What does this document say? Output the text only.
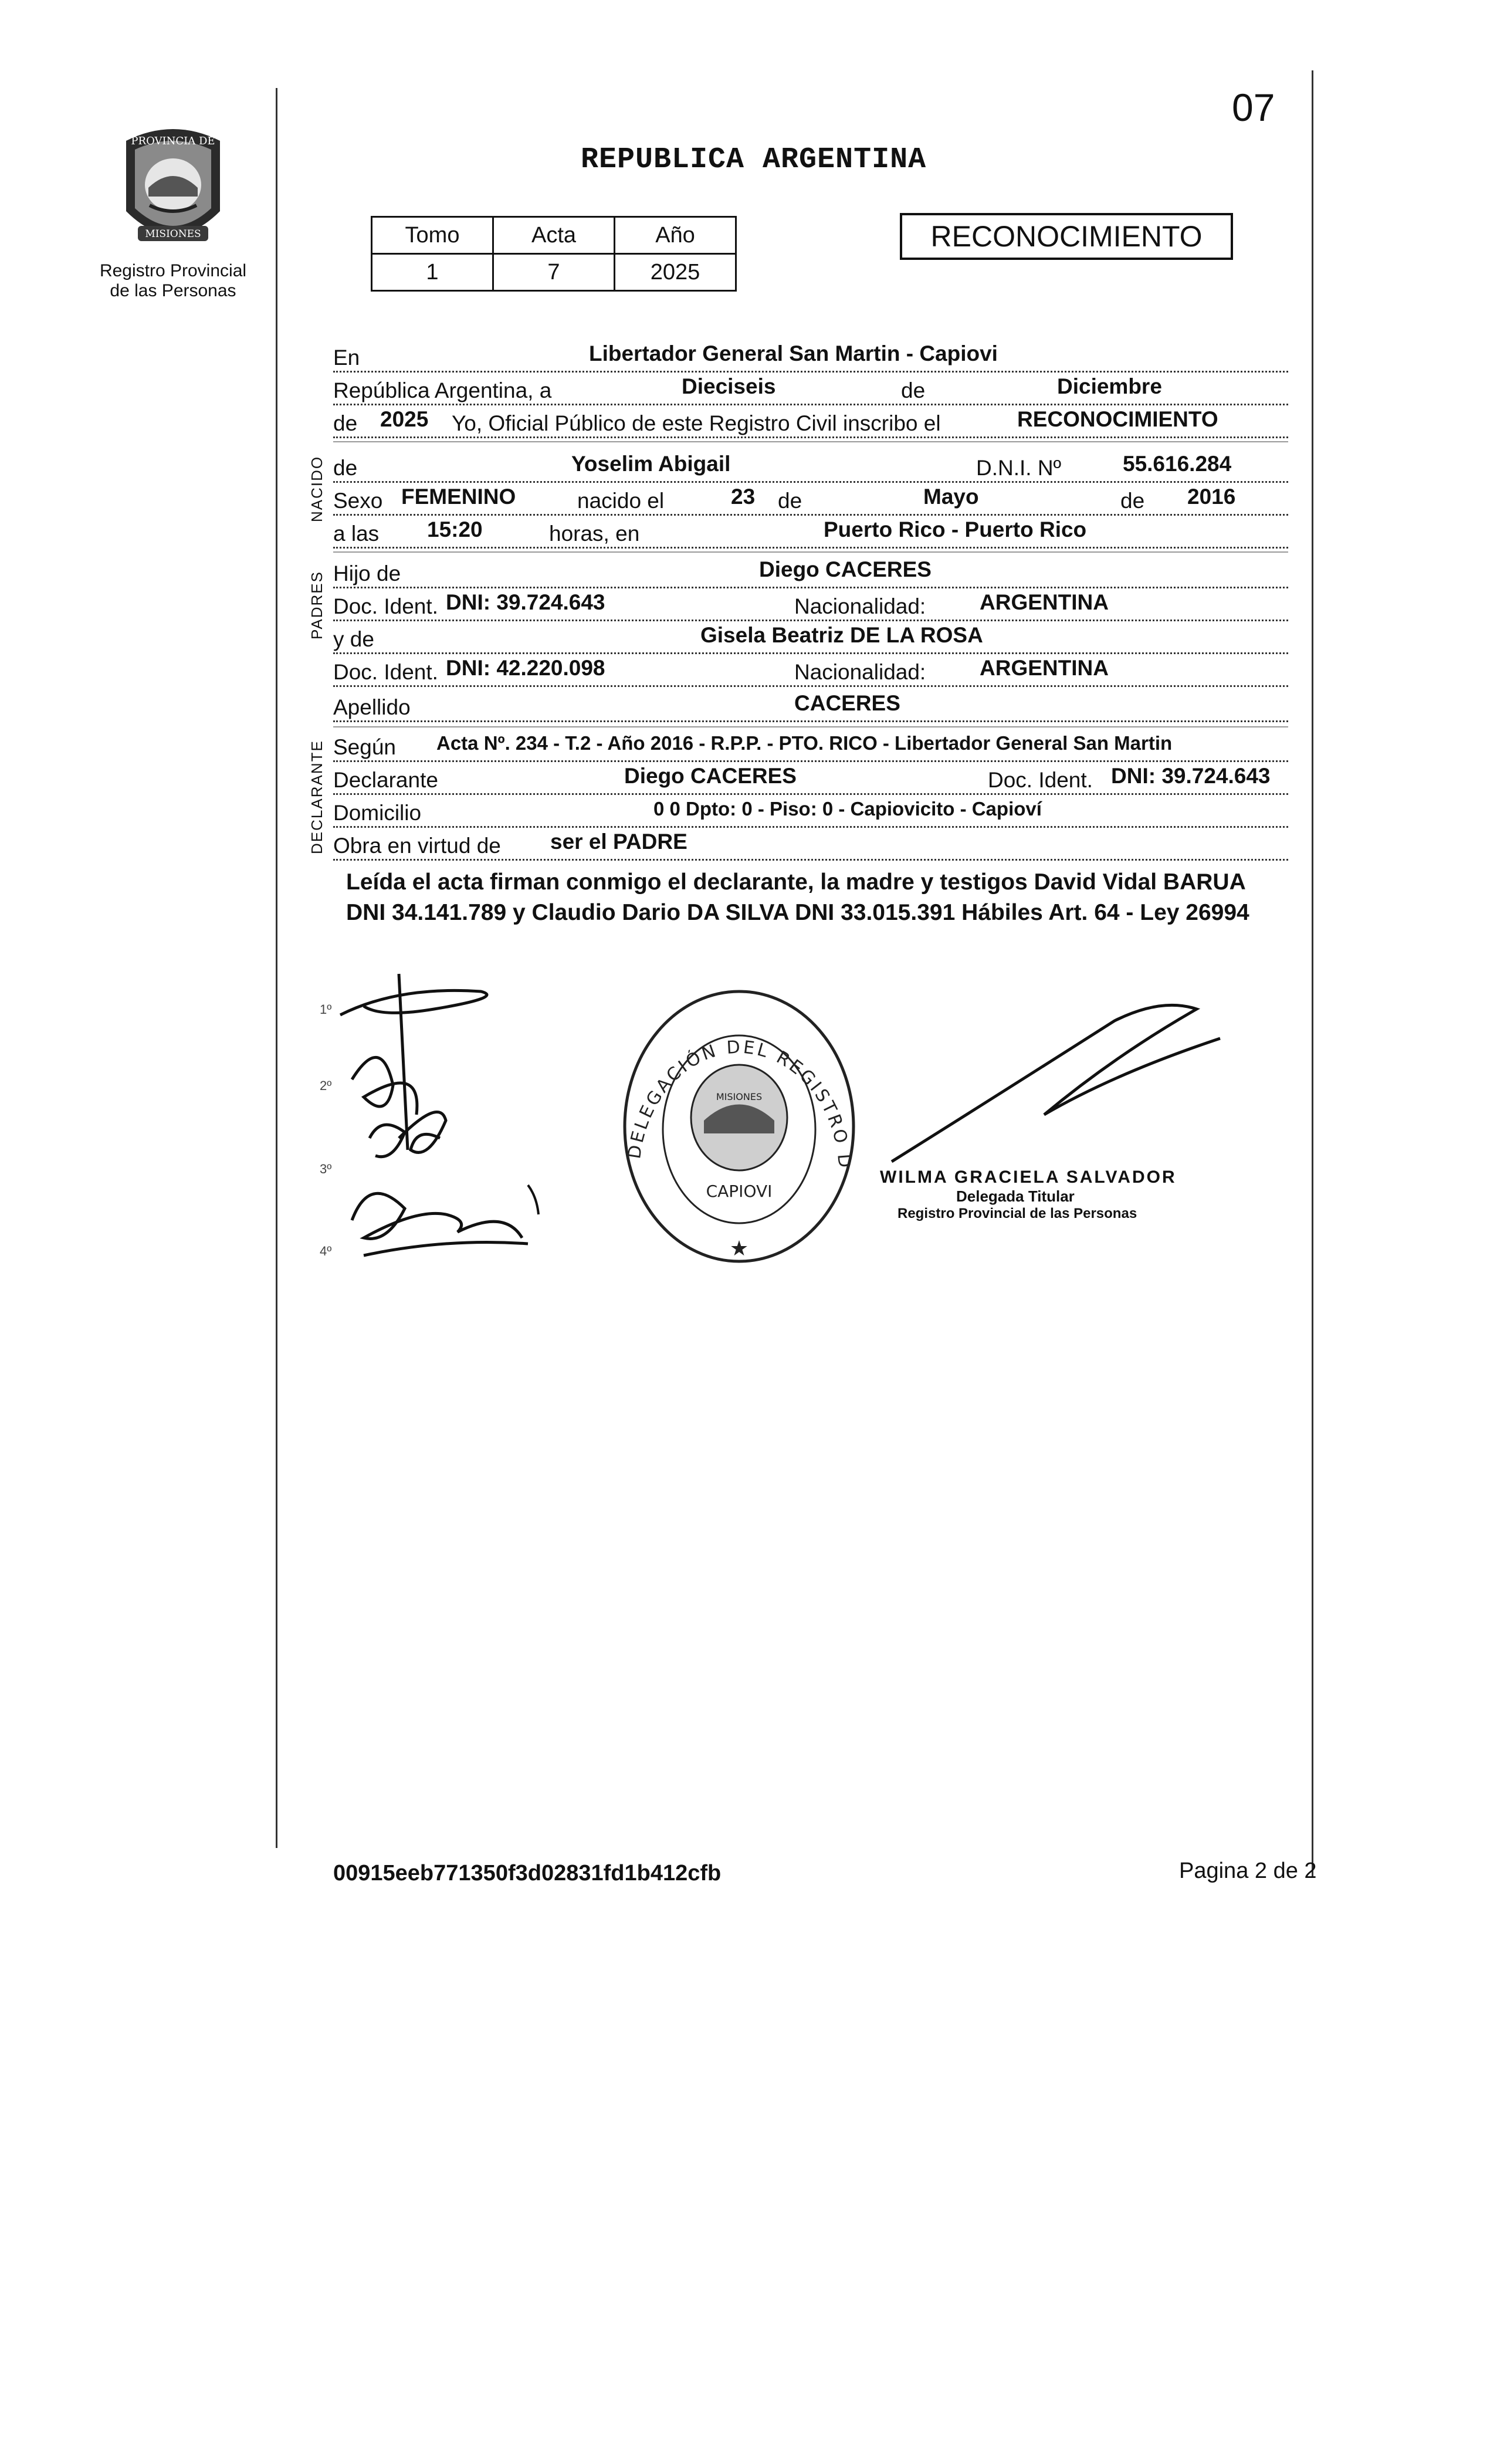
PROVINCIA DE
MISIONES
Registro Provincial
de las Personas
REPUBLICA ARGENTINA
07
Tomo	Acta	Año
1	7	2025
RECONOCIMIENTO
En	Libertador General San Martin - Capiovi
República Argentina, a	Dieciseis	de	Diciembre
de 2025 Yo, Oficial Público de este Registro Civil inscribo el	RECONOCIMIENTO
NACIDO de	Yoselim Abigail	D.N.I. Nº	55.616.284
Sexo FEMENINO	nacido el	23 de	Mayo	de 2016
a las 15:20	horas, en	Puerto Rico - Puerto Rico
PADRES Hijo de	Diego CACERES
Doc. Ident. DNI: 39.724.643	Nacionalidad: ARGENTINA
y de	Gisela Beatriz DE LA ROSA
Doc. Ident. DNI: 42.220.098	Nacionalidad: ARGENTINA
Apellido	CACERES
DECLARANTE Según Acta Nº. 234 - T.2 - Año 2016 - R.P.P. - PTO. RICO - Libertador General San Martin
Declarante	Diego CACERES	Doc. Ident. DNI: 39.724.643
Domicilio	0 0 Dpto: 0 - Piso: 0 - Capiovicito - Capioví
Obra en virtud de ser el PADRE
Leída el acta firman conmigo el declarante, la madre y testigos David Vidal BARUA DNI 34.141.789 y Claudio Dario DA SILVA DNI 33.015.391 Hábiles Art. 64 - Ley 26994
1º
2º
3º
4º
DELEGACIÓN DEL REGISTRO D
MISIONES
CAPIOVI
★
WILMA GRACIELA SALVADOR
Delegada Titular
Registro Provincial de las Personas
00915eeb771350f3d02831fd1b412cfb	Pagina 2 de 2
